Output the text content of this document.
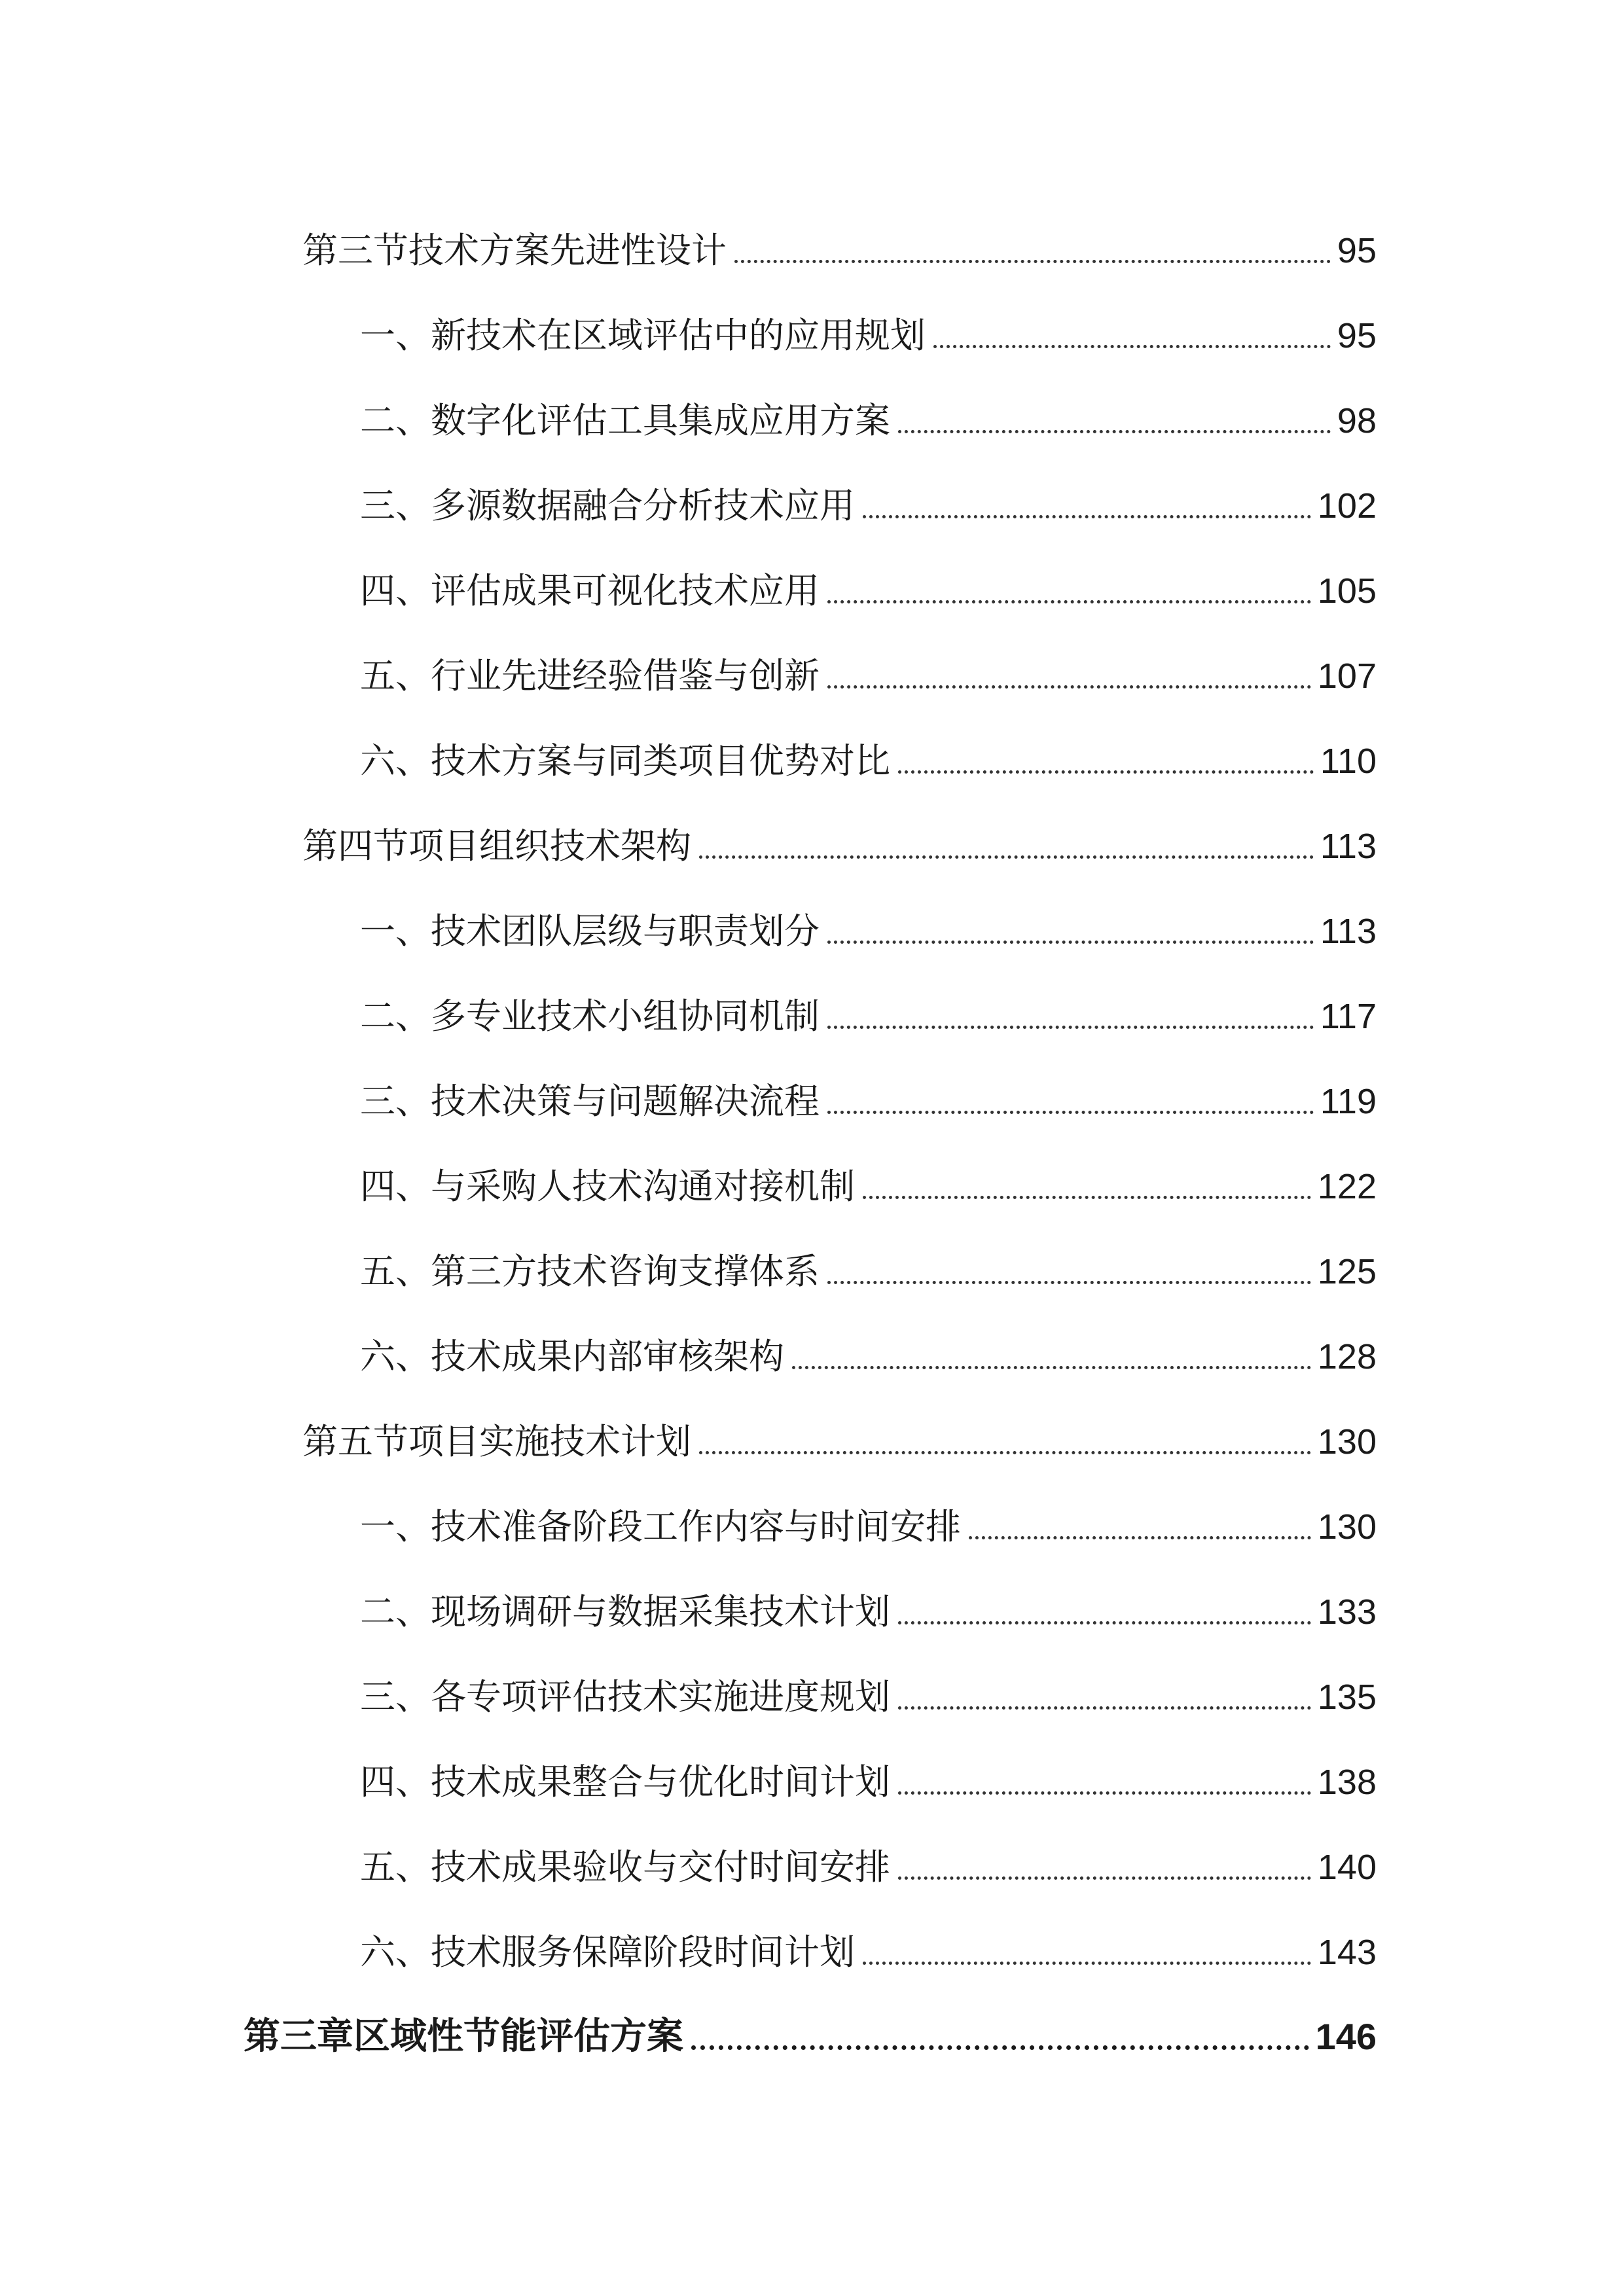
第三节技术方案先进性设计	95
一、新技术在区域评估中的应用规划	95
二、数字化评估工具集成应用方案	98
三、多源数据融合分析技术应用	102
四、评估成果可视化技术应用	105
五、行业先进经验借鉴与创新	107
六、技术方案与同类项目优势对比	110
第四节项目组织技术架构	113
一、技术团队层级与职责划分	113
二、多专业技术小组协同机制	117
三、技术决策与问题解决流程	119
四、与采购人技术沟通对接机制	122
五、第三方技术咨询支撑体系	125
六、技术成果内部审核架构	128
第五节项目实施技术计划	130
一、技术准备阶段工作内容与时间安排	130
二、现场调研与数据采集技术计划	133
三、各专项评估技术实施进度规划	135
四、技术成果整合与优化时间计划	138
五、技术成果验收与交付时间安排	140
六、技术服务保障阶段时间计划	143
第三章区域性节能评估方案	146
